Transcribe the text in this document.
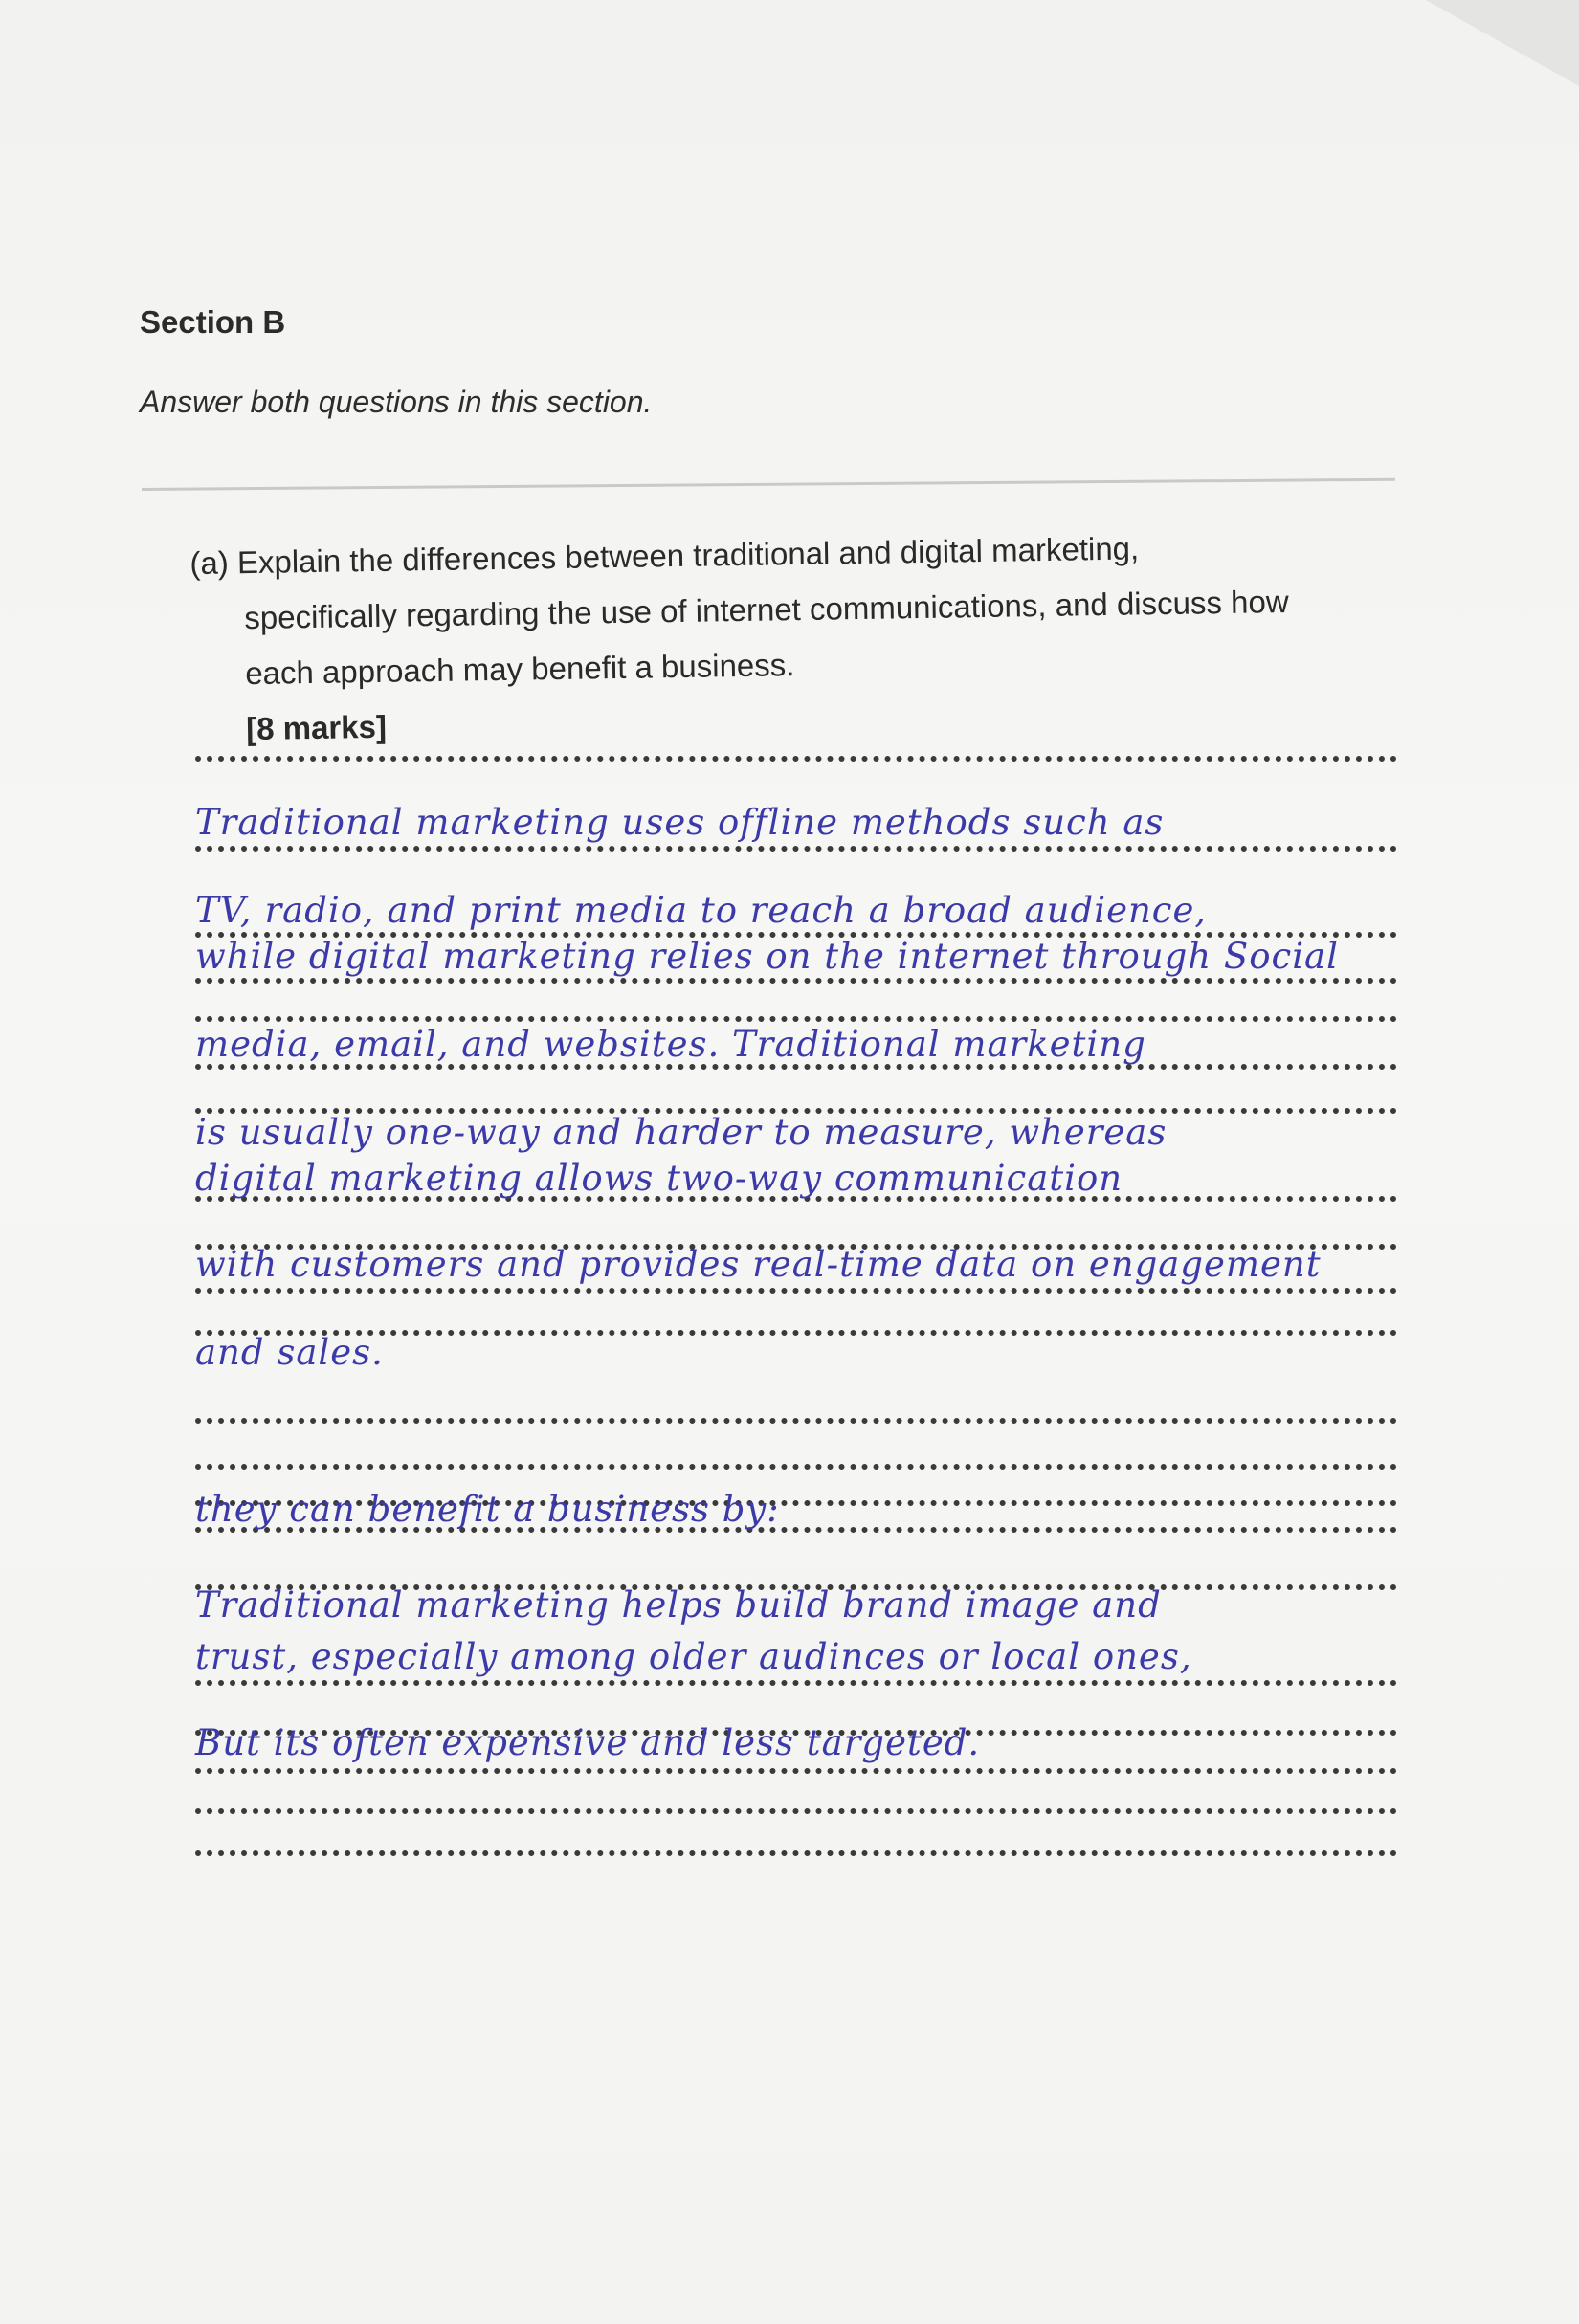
Section B
Answer both questions in this section.
(a) Explain the differences between traditional and digital marketing,
specifically regarding the use of internet communications, and discuss how
each approach may benefit a business.
[8 marks]
Traditional marketing uses offline methods such as
TV, radio, and print media to reach a broad audience,
while digital marketing relies on the internet through Social
media, email, and websites. Traditional marketing
is usually one-way and harder to measure, whereas
digital marketing allows two-way communication
with customers and provides real-time data on engagement
and sales.
they can benefit a business by:
Traditional marketing helps build brand image and
trust, especially among older audinces or local ones,
But its often expensive and less targeted.
